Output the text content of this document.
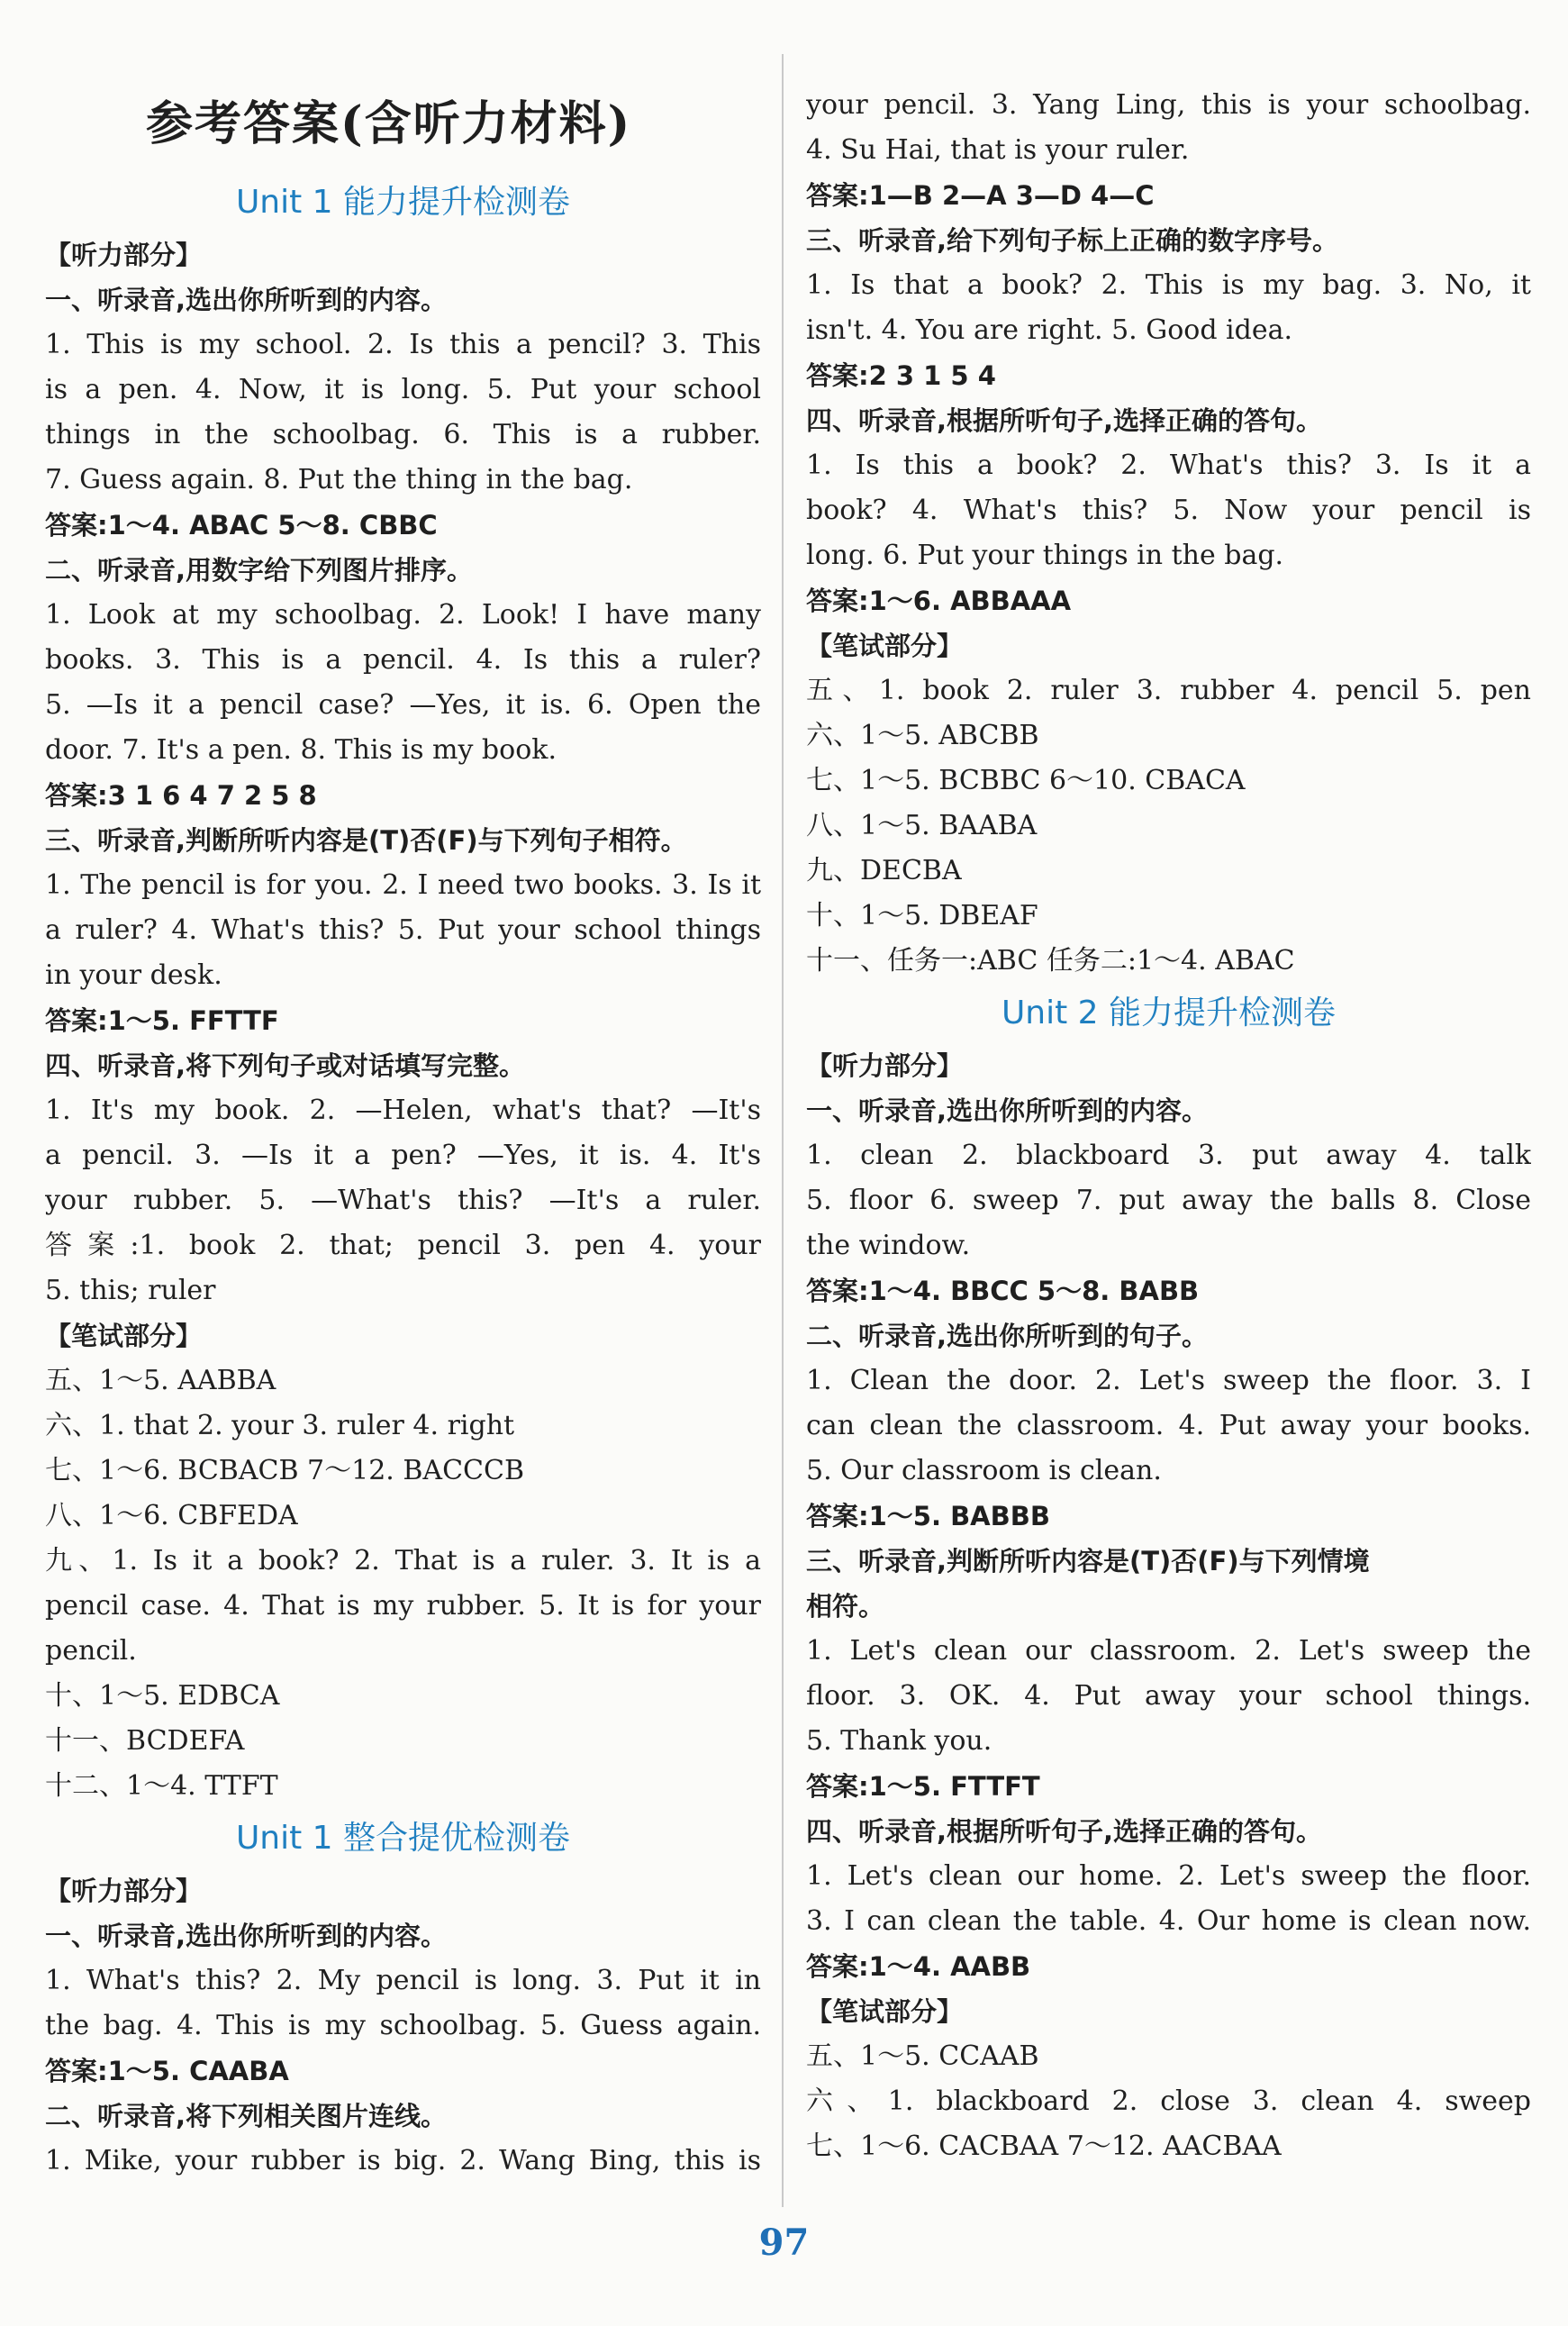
参考答案(含听力材料)
Unit 1 能力提升检测卷
【听力部分】
一、听录音,选出你所听到的内容。
1. This is my school. 2. Is this a pencil? 3. This
is a pen. 4. Now, it is long. 5. Put your school
things in the schoolbag. 6. This is a rubber.
7. Guess again. 8. Put the thing in the bag.
答案:1～4. ABAC 5～8. CBBC
二、听录音,用数字给下列图片排序。
1. Look at my schoolbag. 2. Look! I have many
books. 3. This is a pencil. 4. Is this a ruler?
5. —Is it a pencil case? —Yes, it is. 6. Open the
door. 7. It's a pen. 8. This is my book.
答案:3 1 6 4 7 2 5 8
三、听录音,判断所听内容是(T)否(F)与下列句子相符。
1. The pencil is for you. 2. I need two books. 3. Is it
a ruler? 4. What's this? 5. Put your school things
in your desk.
答案:1～5. FFTTF
四、听录音,将下列句子或对话填写完整。
1. It's my book. 2. —Helen, what's that? —It's
a pencil. 3. —Is it a pen? —Yes, it is. 4. It's
your rubber. 5. —What's this? —It's a ruler.
答案:1. book 2. that; pencil 3. pen 4. your
5. this; ruler
【笔试部分】
五、1～5. AABBA
六、1. that 2. your 3. ruler 4. right
七、1～6. BCBACB 7～12. BACCCB
八、1～6. CBFEDA
九、1. Is it a book? 2. That is a ruler. 3. It is a
pencil case. 4. That is my rubber. 5. It is for your
pencil.
十、1～5. EDBCA
十一、BCDEFA
十二、1～4. TTFT
Unit 1 整合提优检测卷
【听力部分】
一、听录音,选出你所听到的内容。
1. What's this? 2. My pencil is long. 3. Put it in
the bag. 4. This is my schoolbag. 5. Guess again.
答案:1～5. CAABA
二、听录音,将下列相关图片连线。
1. Mike, your rubber is big. 2. Wang Bing, this is
your pencil. 3. Yang Ling, this is your schoolbag.
4. Su Hai, that is your ruler.
答案:1—B 2—A 3—D 4—C
三、听录音,给下列句子标上正确的数字序号。
1. Is that a book? 2. This is my bag. 3. No, it
isn't. 4. You are right. 5. Good idea.
答案:2 3 1 5 4
四、听录音,根据所听句子,选择正确的答句。
1. Is this a book? 2. What's this? 3. Is it a
book? 4. What's this? 5. Now your pencil is
long. 6. Put your things in the bag.
答案:1～6. ABBAAA
【笔试部分】
五、1. book 2. ruler 3. rubber 4. pencil 5. pen
六、1～5. ABCBB
七、1～5. BCBBC 6～10. CBACA
八、1～5. BAABA
九、DECBA
十、1～5. DBEAF
十一、任务一:ABC 任务二:1～4. ABAC
Unit 2 能力提升检测卷
【听力部分】
一、听录音,选出你所听到的内容。
1. clean 2. blackboard 3. put away 4. talk
5. floor 6. sweep 7. put away the balls 8. Close
the window.
答案:1～4. BBCC 5～8. BABB
二、听录音,选出你所听到的句子。
1. Clean the door. 2. Let's sweep the floor. 3. I
can clean the classroom. 4. Put away your books.
5. Our classroom is clean.
答案:1～5. BABBB
三、听录音,判断所听内容是(T)否(F)与下列情境
相符。
1. Let's clean our classroom. 2. Let's sweep the
floor. 3. OK. 4. Put away your school things.
5. Thank you.
答案:1～5. FTTFT
四、听录音,根据所听句子,选择正确的答句。
1. Let's clean our home. 2. Let's sweep the floor.
3. I can clean the table. 4. Our home is clean now.
答案:1～4. AABB
【笔试部分】
五、1～5. CCAAB
六、1. blackboard 2. close 3. clean 4. sweep
七、1～6. CACBAA 7～12. AACBAA
97
